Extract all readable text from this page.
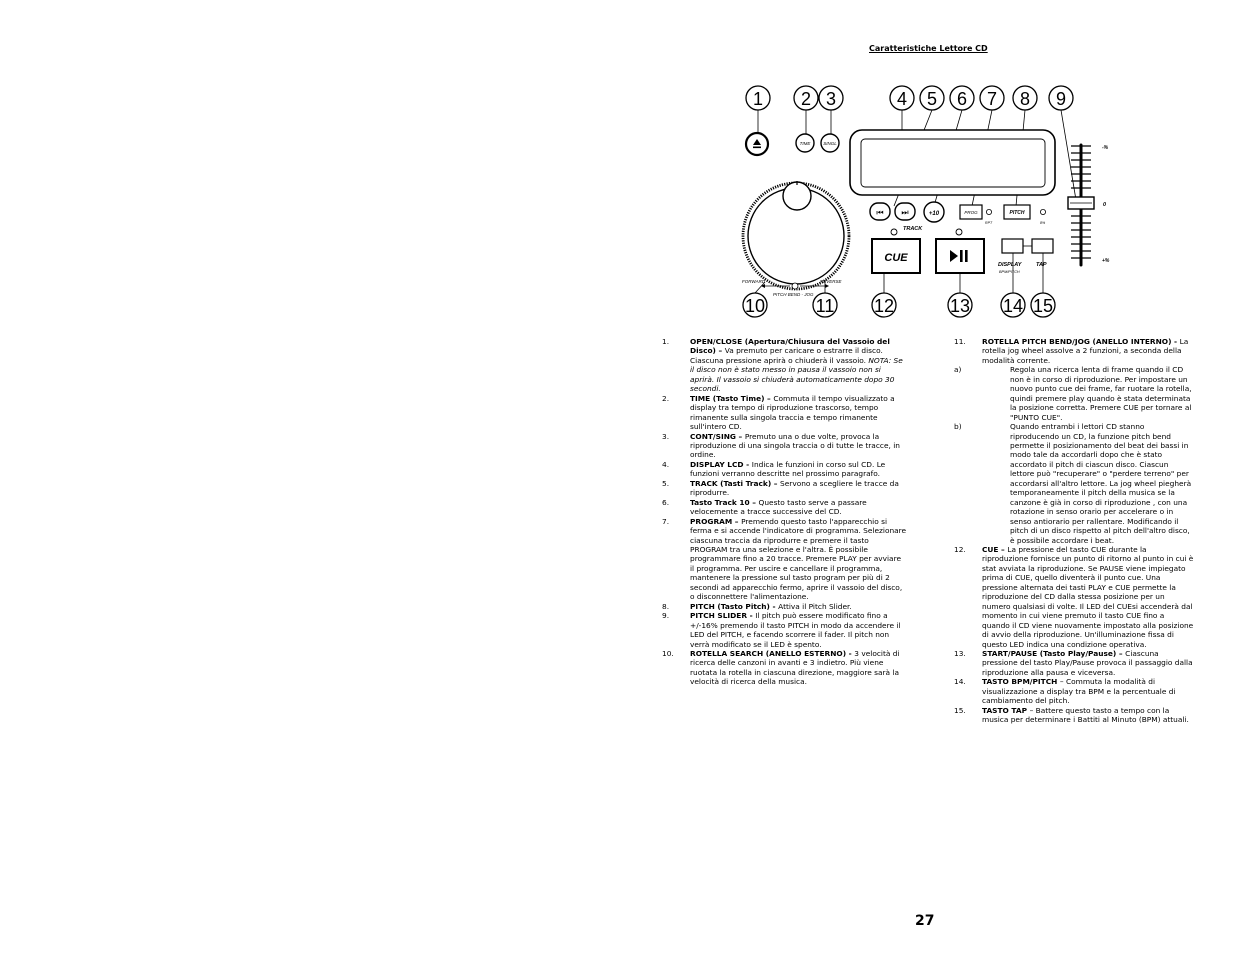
Caratteristiche Lettore CD
1 2 3	4 5 6 7 8 9
10	11 12	13 14 15
TIME	SINGL
FORWARD	REVERSE
PITCH BEND - JOG
⏮ ⏭
TRACK
+10	PROG
RPT
PITCH
8%
CUE
DISPLAY
BPM/PITCH
TAP
-%
0
+%
1.	OPEN/CLOSE (Apertura/Chiusura del Vassoio del Disco) – Va premuto per caricare o estrarre il disco. Ciascuna pressione aprirà o chiuderà il vassoio. NOTA: Se il disco non è stato messo in pausa il vassoio non si aprirà. Il vassoio si chiuderà automaticamente dopo 30 secondi.
2.	TIME (Tasto Time) – Commuta il tempo visualizzato a display tra tempo di riproduzione trascorso, tempo rimanente sulla singola traccia e tempo rimanente sull'intero CD.
3.	CONT/SING – Premuto una o due volte, provoca la riproduzione di una singola traccia o di tutte le tracce, in ordine.
4.	DISPLAY LCD - Indica le funzioni in corso sul CD. Le funzioni verranno descritte nel prossimo paragrafo.
5.	TRACK (Tasti Track) – Servono a scegliere le tracce da riprodurre.
6.	Tasto Track 10 – Questo tasto serve a passare velocemente a tracce successive del CD.
7.	PROGRAM – Premendo questo tasto l'apparecchio si ferma e si accende l'indicatore di programma. Selezionare ciascuna traccia da riprodurre e premere il tasto PROGRAM tra una selezione e l'altra. È possibile programmare fino a 20 tracce. Premere PLAY per avviare il programma. Per uscire e cancellare il programma, mantenere la pressione sul tasto program per più di 2 secondi ad apparecchio fermo, aprire il vassoio del disco, o disconnettere l'alimentazione.
8.	PITCH (Tasto Pitch) - Attiva il Pitch Slider.
9.	PITCH SLIDER - Il pitch può essere modificato fino a +/-16% premendo il tasto PITCH in modo da accendere il LED del PITCH, e facendo scorrere il fader. Il pitch non verrà modificato se il LED è spento.
10. ROTELLA SEARCH (ANELLO ESTERNO) - 3 velocità di ricerca delle canzoni in avanti e 3 indietro. Più viene ruotata la rotella in ciascuna direzione, maggiore sarà la velocità di ricerca della musica.
11. ROTELLA PITCH BEND/JOG (ANELLO INTERNO) - La rotella jog wheel assolve a 2 funzioni, a seconda della modalità corrente.
a)	Regola una ricerca lenta di frame quando il CD non è in corso di riproduzione. Per impostare un nuovo punto cue dei frame, far ruotare la rotella, quindi premere play quando è stata determinata la posizione corretta. Premere CUE per tornare al "PUNTO CUE".
b)	Quando entrambi i lettori CD stanno riproducendo un CD, la funzione pitch bend permette il posizionamento del beat dei bassi in modo tale da accordarli dopo che è stato accordato il pitch di ciascun disco. Ciascun lettore può "recuperare" o "perdere terreno" per accordarsi all'altro lettore. La jog wheel piegherà temporaneamente il pitch della musica se la canzone è già in corso di riproduzione , con una rotazione in senso orario per accelerare o in senso antiorario per rallentare. Modificando il pitch di un disco rispetto al pitch dell'altro disco, è possibile accordare i beat.
12. CUE – La pressione del tasto CUE durante la riproduzione fornisce un punto di ritorno al punto in cui è stat avviata la riproduzione. Se PAUSE viene impiegato prima di CUE, quello diventerà il punto cue. Una pressione alternata dei tasti PLAY e CUE permette la riproduzione del CD dalla stessa posizione per un numero qualsiasi di volte. Il LED del CUEsi accenderà dal momento in cui viene premuto il tasto CUE fino a quando il CD viene nuovamente impostato alla posizione di avvio della riproduzione. Un'illuminazione fissa di questo LED indica una condizione operativa.
13. START/PAUSE (Tasto Play/Pause) – Ciascuna pressione del tasto Play/Pause provoca il passaggio dalla riproduzione alla pausa e viceversa.
14. TASTO BPM/PITCH – Commuta la modalità di visualizzazione a display tra BPM e la percentuale di cambiamento del pitch.
15. TASTO TAP – Battere questo tasto a tempo con la musica per determinare i Battiti al Minuto (BPM) attuali.
27
